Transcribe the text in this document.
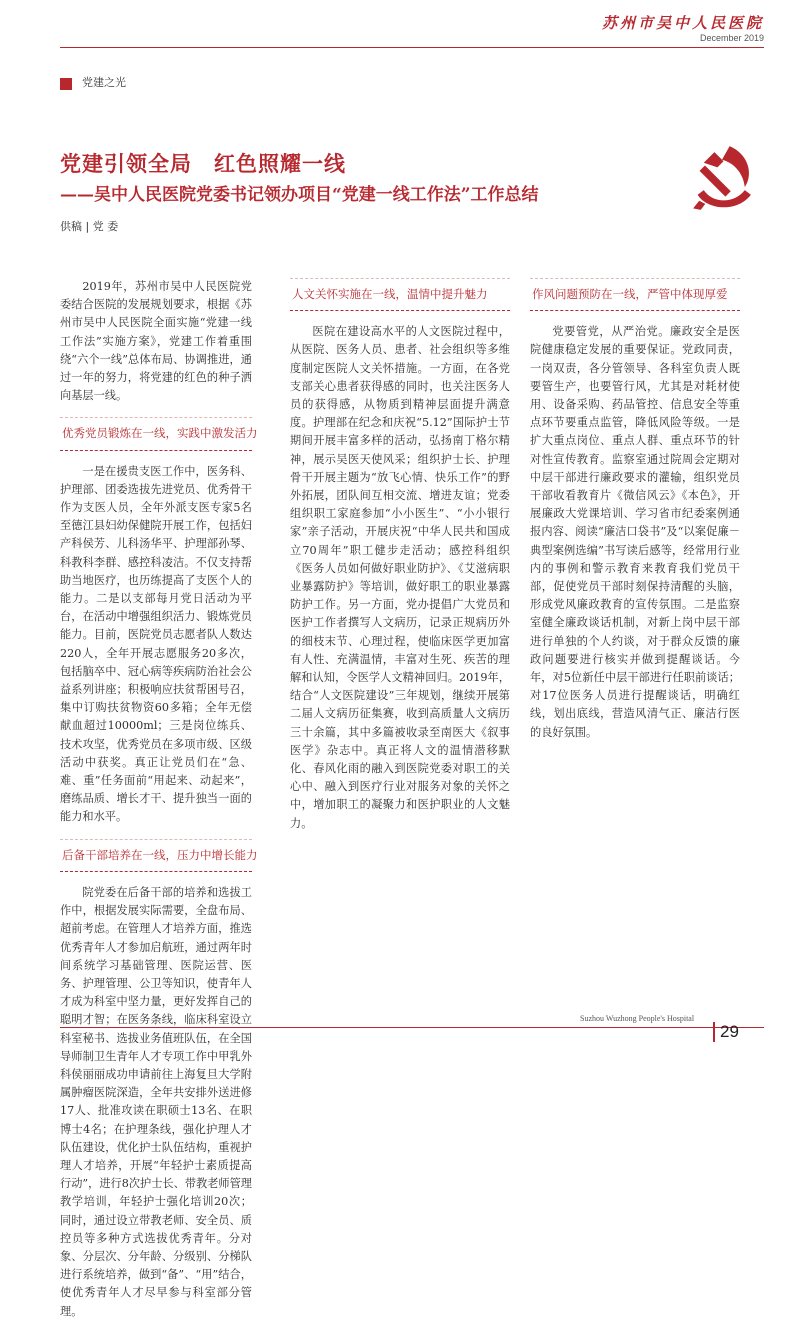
苏州市吴中人民医院
December 2019
党建之光
党建引领全局　红色照耀一线
——吴中人民医院党委书记领办项目“党建一线工作法”工作总结
供稿 | 党 委

2019年，苏州市吴中人民医院党委结合医院的发展规划要求，根据《苏州市吴中人民医院全面实施“党建一线工作法”实施方案》，党建工作着重围绕“六个一线”总体布局、协调推进，通过一年的努力，将党建的红色的种子洒向基层一线。

优秀党员锻炼在一线，实践中激发活力

一是在援贵支医工作中，医务科、护理部、团委选拔先进党员、优秀骨干作为支医人员，全年外派支医专家5名至德江县妇幼保健院开展工作，包括妇产科侯芳、儿科汤华平、护理部孙琴、科教科李群、感控科凌洁。不仅支持帮助当地医疗，也历练提高了支医个人的能力。二是以支部每月党日活动为平台，在活动中增强组织活力、锻炼党员能力。目前，医院党员志愿者队人数达220人，全年开展志愿服务20多次，包括脑卒中、冠心病等疾病防治社会公益系列讲座；积极响应扶贫帮困号召，集中订购扶贫物资60多箱；全年无偿献血超过10000ml；三是岗位练兵、技术攻坚，优秀党员在多项市级、区级活动中获奖。真正让党员们在“急、难、重”任务面前“用起来、动起来”，磨练品质、增长才干、提升独当一面的能力和水平。

后备干部培养在一线，压力中增长能力

院党委在后备干部的培养和选拔工作中，根据发展实际需要，全盘布局、超前考虑。在管理人才培养方面，推选优秀青年人才参加启航班，通过两年时间系统学习基础管理、医院运营、医务、护理管理、公卫等知识，使青年人才成为科室中坚力量，更好发挥自己的聪明才智；在医务条线，临床科室设立科室秘书、选拔业务值班队伍，在全国导师制卫生青年人才专项工作中甲乳外科侯丽丽成功申请前往上海复旦大学附属肿瘤医院深造，全年共安排外送进修17人、批准攻读在职硕士13名、在职博士4名；在护理条线，强化护理人才队伍建设，优化护士队伍结构，重视护理人才培养，开展“年轻护士素质提高行动”，进行8次护士长、带教老师管理教学培训，年轻护士强化培训20次；同时，通过设立带教老师、安全员、质控员等多种方式选拔优秀青年。分对象、分层次、分年龄、分级别、分梯队进行系统培养，做到“备”、“用”结合，使优秀青年人才尽早参与科室部分管理。

人文关怀实施在一线，温情中提升魅力

医院在建设高水平的人文医院过程中，从医院、医务人员、患者、社会组织等多维度制定医院人文关怀措施。一方面，在各党支部关心患者获得感的同时，也关注医务人员的获得感，从物质到精神层面提升满意度。护理部在纪念和庆祝“5.12”国际护士节期间开展丰富多样的活动，弘扬南丁格尔精神，展示吴医天使风采；组织护士长、护理骨干开展主题为“放飞心情、快乐工作”的野外拓展，团队间互相交流、增进友谊；党委组织职工家庭参加“小小医生”、“小小银行家”亲子活动，开展庆祝“中华人民共和国成立70周年”职工健步走活动；感控科组织《医务人员如何做好职业防护》、《艾滋病职业暴露防护》等培训，做好职工的职业暴露防护工作。另一方面，党办提倡广大党员和医护工作者撰写人文病历，记录正规病历外的细枝末节、心理过程，使临床医学更加富有人性、充满温情，丰富对生死、疾苦的理解和认知，令医学人文精神回归。2019年，结合“人文医院建设”三年规划，继续开展第二届人文病历征集赛，收到高质量人文病历三十余篇，其中多篇被收录至南医大《叙事医学》杂志中。真正将人文的温情潜移默化、春风化雨的融入到医院党委对职工的关心中、融入到医疗行业对服务对象的关怀之中，增加职工的凝聚力和医护职业的人文魅力。

作风问题预防在一线，严管中体现厚爱

党要管党，从严治党。廉政安全是医院健康稳定发展的重要保证。党政同责，一岗双责，各分管领导、各科室负责人既要管生产，也要管行风，尤其是对耗材使用、设备采购、药品管控、信息安全等重点环节要重点监管，降低风险等级。一是扩大重点岗位、重点人群、重点环节的针对性宣传教育。监察室通过院周会定期对中层干部进行廉政要求的灌输，组织党员干部收看教育片《微信风云》《本色》，开展廉政大党课培训、学习省市纪委案例通报内容、阅读“廉洁口袋书”及“以案促廉－典型案例选编”书写读后感等，经常用行业内的事例和警示教育来教育我们党员干部，促使党员干部时刻保持清醒的头脑，形成党风廉政教育的宣传氛围。二是监察室健全廉政谈话机制，对新上岗中层干部进行单独的个人约谈，对于群众反馈的廉政问题要进行核实并做到提醒谈话。今年，对5位新任中层干部进行任职前谈话；对17位医务人员进行提醒谈话，明确红线，划出底线，营造风清气正、廉洁行医的良好氛围。

Suzhou Wuzhong People's Hospital
29
